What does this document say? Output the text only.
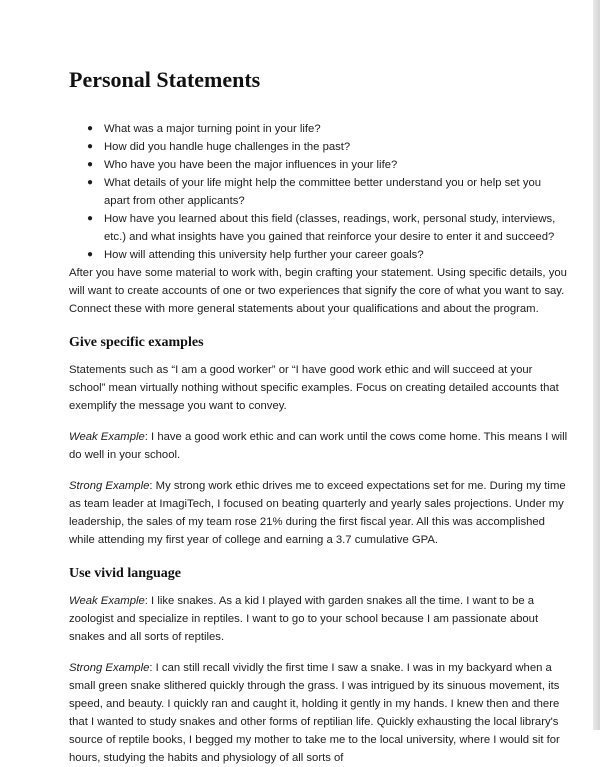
Personal Statements
● What was a major turning point in your life?
● How did you handle huge challenges in the past?
● Who have you have been the major influences in your life?
● What details of your life might help the committee better understand you or help set you apart from other applicants?
● How have you learned about this field (classes, readings, work, personal study, interviews, etc.) and what insights have you gained that reinforce your desire to enter it and succeed?
● How will attending this university help further your career goals?

After you have some material to work with, begin crafting your statement. Using specific details, you will want to create accounts of one or two experiences that signify the core of what you want to say. Connect these with more general statements about your qualifications and about the program.

Give specific examples

Statements such as “I am a good worker” or “I have good work ethic and will succeed at your school” mean virtually nothing without specific examples. Focus on creating detailed accounts that exemplify the message you want to convey.

Weak Example: I have a good work ethic and can work until the cows come home. This means I will do well in your school.

Strong Example: My strong work ethic drives me to exceed expectations set for me. During my time as team leader at ImagiTech, I focused on beating quarterly and yearly sales projections. Under my leadership, the sales of my team rose 21% during the first fiscal year. All this was accomplished while attending my first year of college and earning a 3.7 cumulative GPA.

Use vivid language

Weak Example: I like snakes. As a kid I played with garden snakes all the time. I want to be a zoologist and specialize in reptiles. I want to go to your school because I am passionate about snakes and all sorts of reptiles.

Strong Example: I can still recall vividly the first time I saw a snake. I was in my backyard when a small green snake slithered quickly through the grass. I was intrigued by its sinuous movement, its speed, and beauty. I quickly ran and caught it, holding it gently in my hands. I knew then and there that I wanted to study snakes and other forms of reptilian life. Quickly exhausting the local library's source of reptile books, I begged my mother to take me to the local university, where I would sit for hours, studying the habits and physiology of all sorts of
